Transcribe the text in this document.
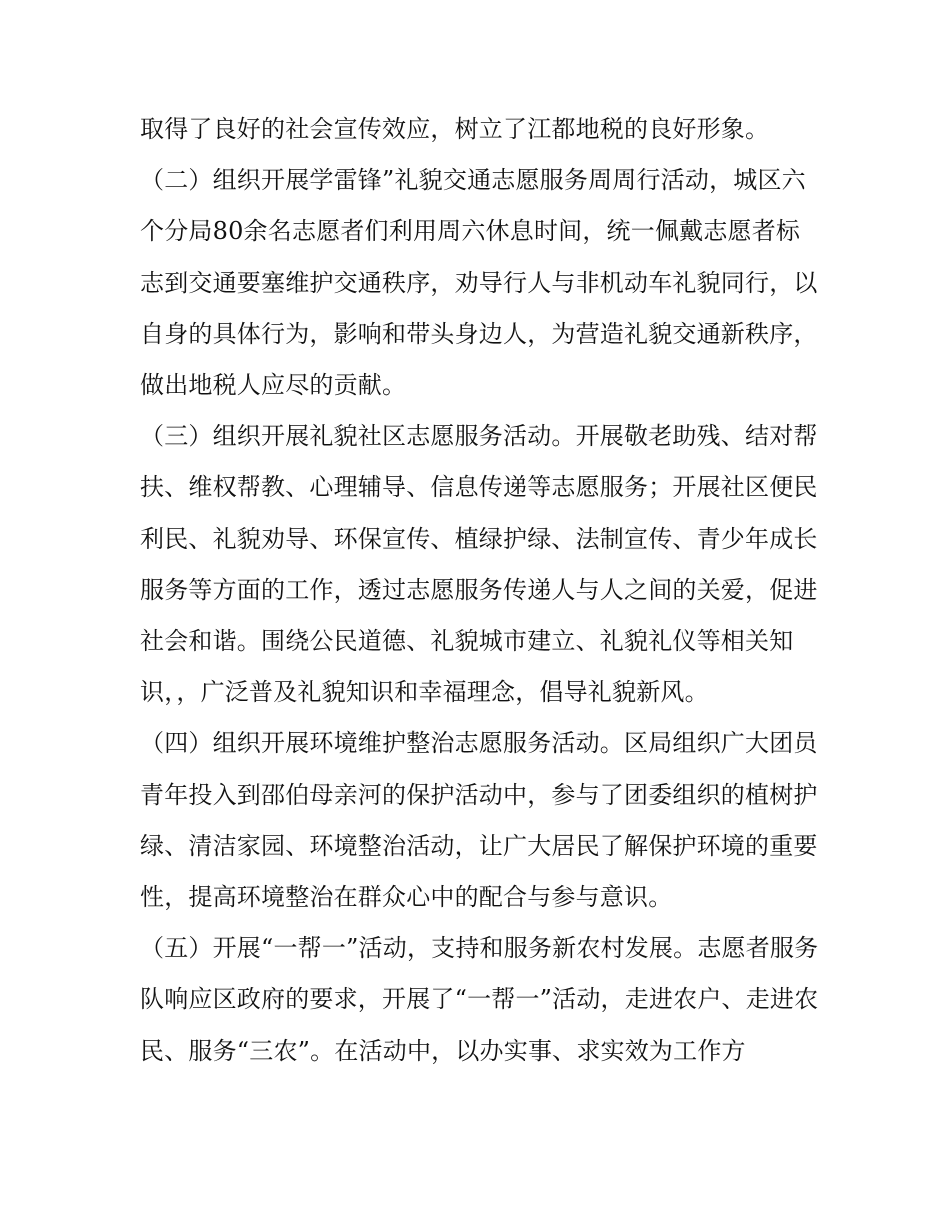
取得了良好的社会宣传效应，树立了江都地税的良好形象。

（二）组织开展学雷锋”礼貌交通志愿服务周周行活动，城区六个分局80余名志愿者们利用周六休息时间，统一佩戴志愿者标志到交通要塞维护交通秩序，劝导行人与非机动车礼貌同行，以自身的具体行为，影响和带头身边人，为营造礼貌交通新秩序，做出地税人应尽的贡献。

（三）组织开展礼貌社区志愿服务活动。开展敬老助残、结对帮扶、维权帮教、心理辅导、信息传递等志愿服务；开展社区便民利民、礼貌劝导、环保宣传、植绿护绿、法制宣传、青少年成长服务等方面的工作，透过志愿服务传递人与人之间的关爱，促进社会和谐。围绕公民道德、礼貌城市建立、礼貌礼仪等相关知识，，广泛普及礼貌知识和幸福理念，倡导礼貌新风。

（四）组织开展环境维护整治志愿服务活动。区局组织广大团员青年投入到邵伯母亲河的保护活动中，参与了团委组织的植树护绿、清洁家园、环境整治活动，让广大居民了解保护环境的重要性，提高环境整治在群众心中的配合与参与意识。

（五）开展“一帮一”活动，支持和服务新农村发展。志愿者服务队响应区政府的要求，开展了“一帮一”活动，走进农户、走进农民、服务“三农”。在活动中，以办实事、求实效为工作方
